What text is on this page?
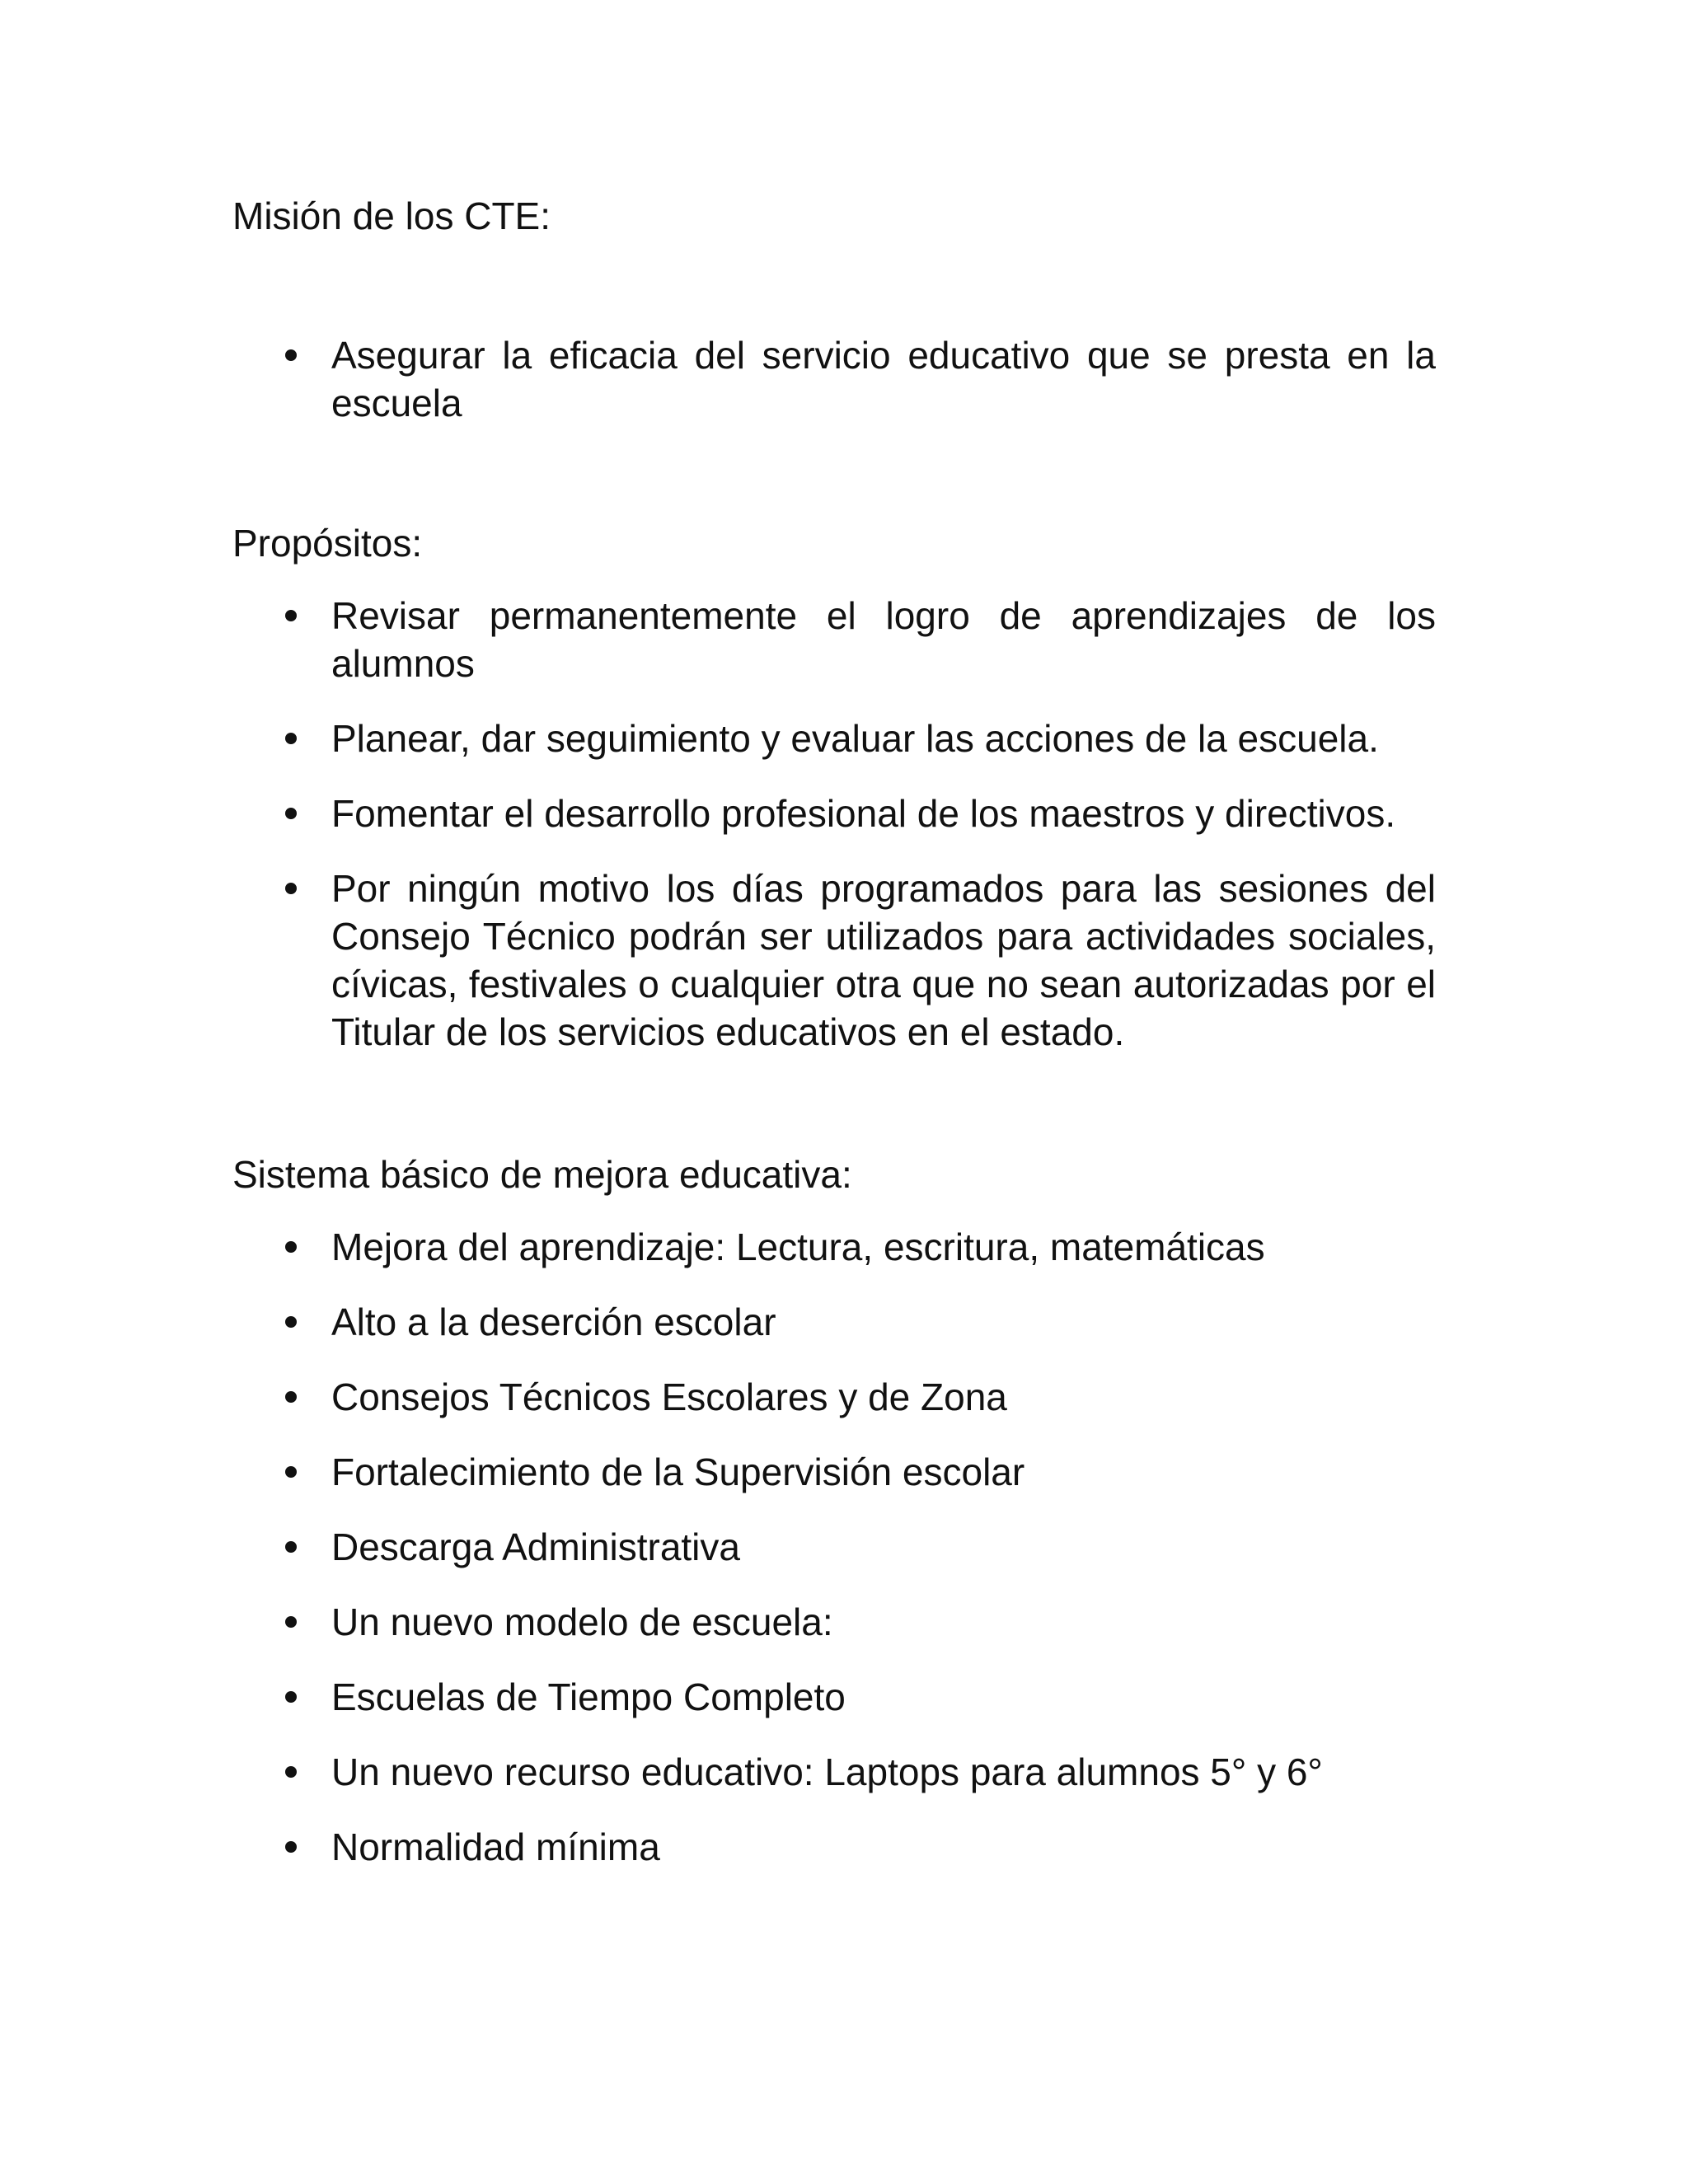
Misión de los CTE:
Asegurar la eficacia del servicio educativo que se presta en la escuela
Propósitos:
Revisar permanentemente el logro de aprendizajes de los alumnos
Planear, dar seguimiento y evaluar las acciones de la escuela.
Fomentar el desarrollo profesional de los maestros y directivos.
Por ningún motivo los días programados para las sesiones del Consejo Técnico podrán ser utilizados para actividades sociales, cívicas, festivales o cualquier otra que no sean autorizadas por el Titular de los servicios educativos en el estado.
Sistema básico de mejora educativa:
Mejora del aprendizaje: Lectura, escritura, matemáticas
Alto a la deserción escolar
Consejos Técnicos Escolares y de Zona
Fortalecimiento de la Supervisión escolar
Descarga Administrativa
Un nuevo modelo de escuela:
Escuelas de Tiempo Completo
Un nuevo recurso educativo: Laptops para alumnos 5° y 6°
Normalidad mínima
